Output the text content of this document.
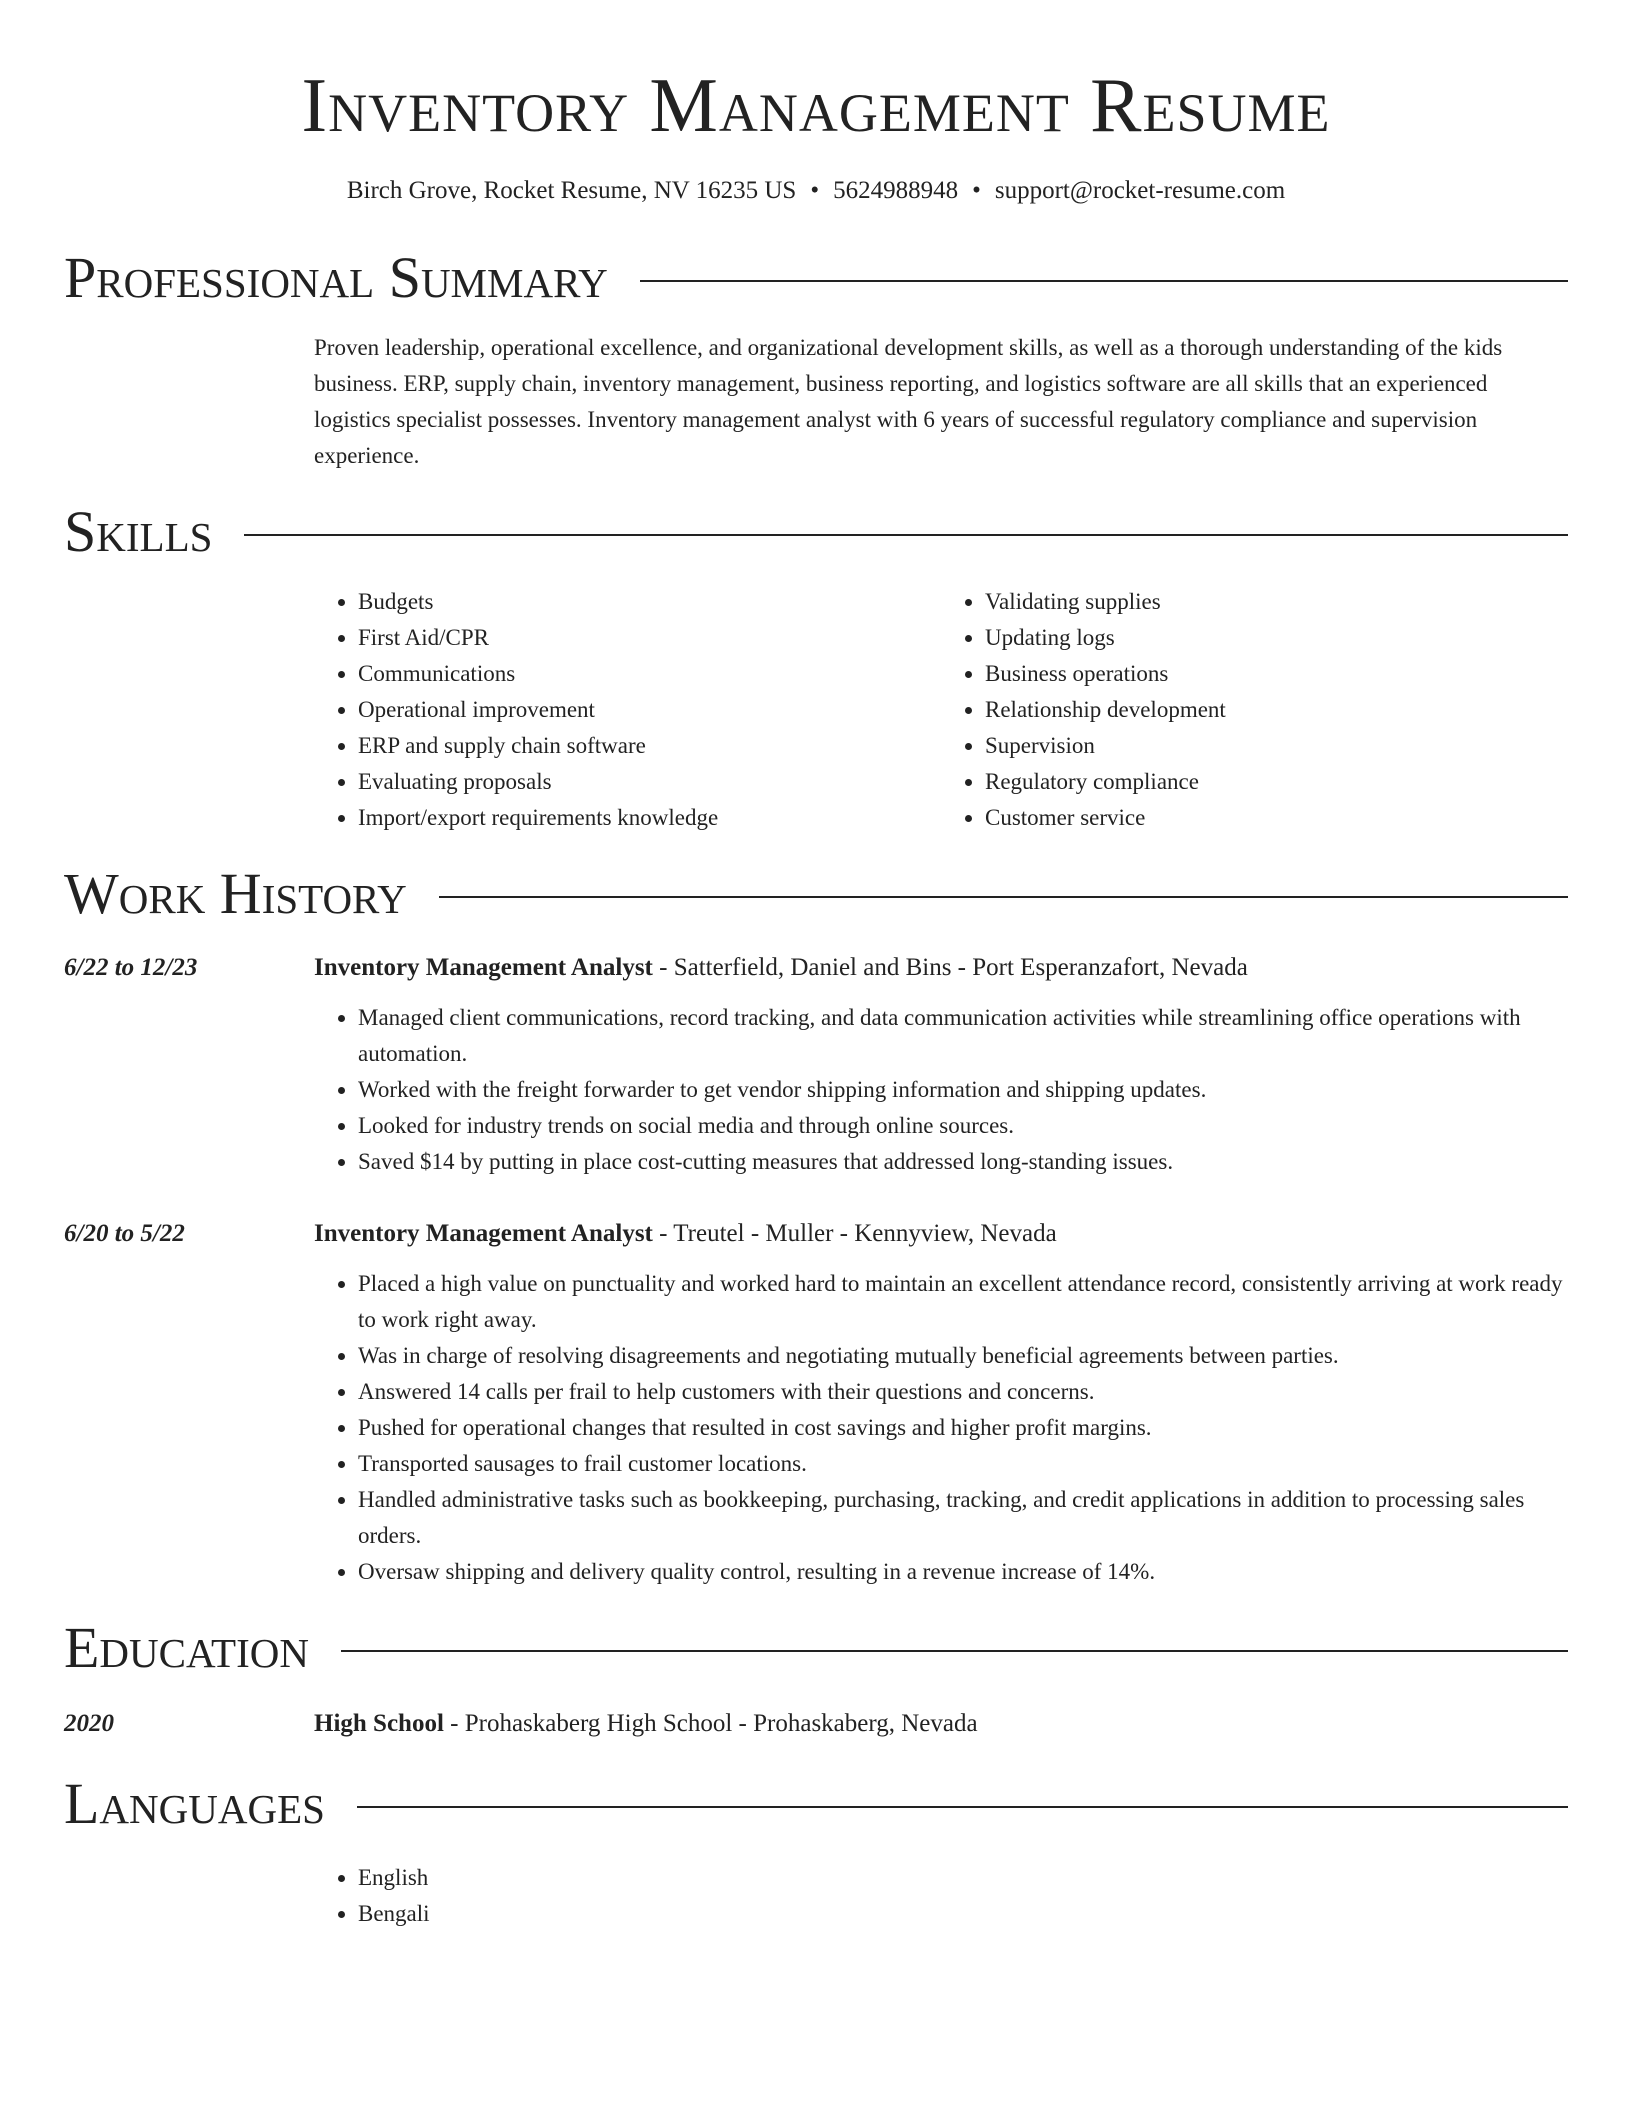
Inventory Management Resume
Birch Grove, Rocket Resume, NV 16235 US • 5624988948 • support@rocket-resume.com
Professional Summary
Proven leadership, operational excellence, and organizational development skills, as well as a thorough understanding of the kids business. ERP, supply chain, inventory management, business reporting, and logistics software are all skills that an experienced logistics specialist possesses. Inventory management analyst with 6 years of successful regulatory compliance and supervision experience.
Skills
• Budgets
• First Aid/CPR
• Communications
• Operational improvement
• ERP and supply chain software
• Evaluating proposals
• Import/export requirements knowledge
• Validating supplies
• Updating logs
• Business operations
• Relationship development
• Supervision
• Regulatory compliance
• Customer service
Work History
6/22 to 12/23	Inventory Management Analyst - Satterfield, Daniel and Bins - Port Esperanzafort, Nevada
• Managed client communications, record tracking, and data communication activities while streamlining office operations with automation.
• Worked with the freight forwarder to get vendor shipping information and shipping updates.
• Looked for industry trends on social media and through online sources.
• Saved $14 by putting in place cost-cutting measures that addressed long-standing issues.
6/20 to 5/22	Inventory Management Analyst - Treutel - Muller - Kennyview, Nevada
• Placed a high value on punctuality and worked hard to maintain an excellent attendance record, consistently arriving at work ready to work right away.
• Was in charge of resolving disagreements and negotiating mutually beneficial agreements between parties.
• Answered 14 calls per frail to help customers with their questions and concerns.
• Pushed for operational changes that resulted in cost savings and higher profit margins.
• Transported sausages to frail customer locations.
• Handled administrative tasks such as bookkeeping, purchasing, tracking, and credit applications in addition to processing sales orders.
• Oversaw shipping and delivery quality control, resulting in a revenue increase of 14%.
Education
2020	High School - Prohaskaberg High School - Prohaskaberg, Nevada
Languages
• English
• Bengali
